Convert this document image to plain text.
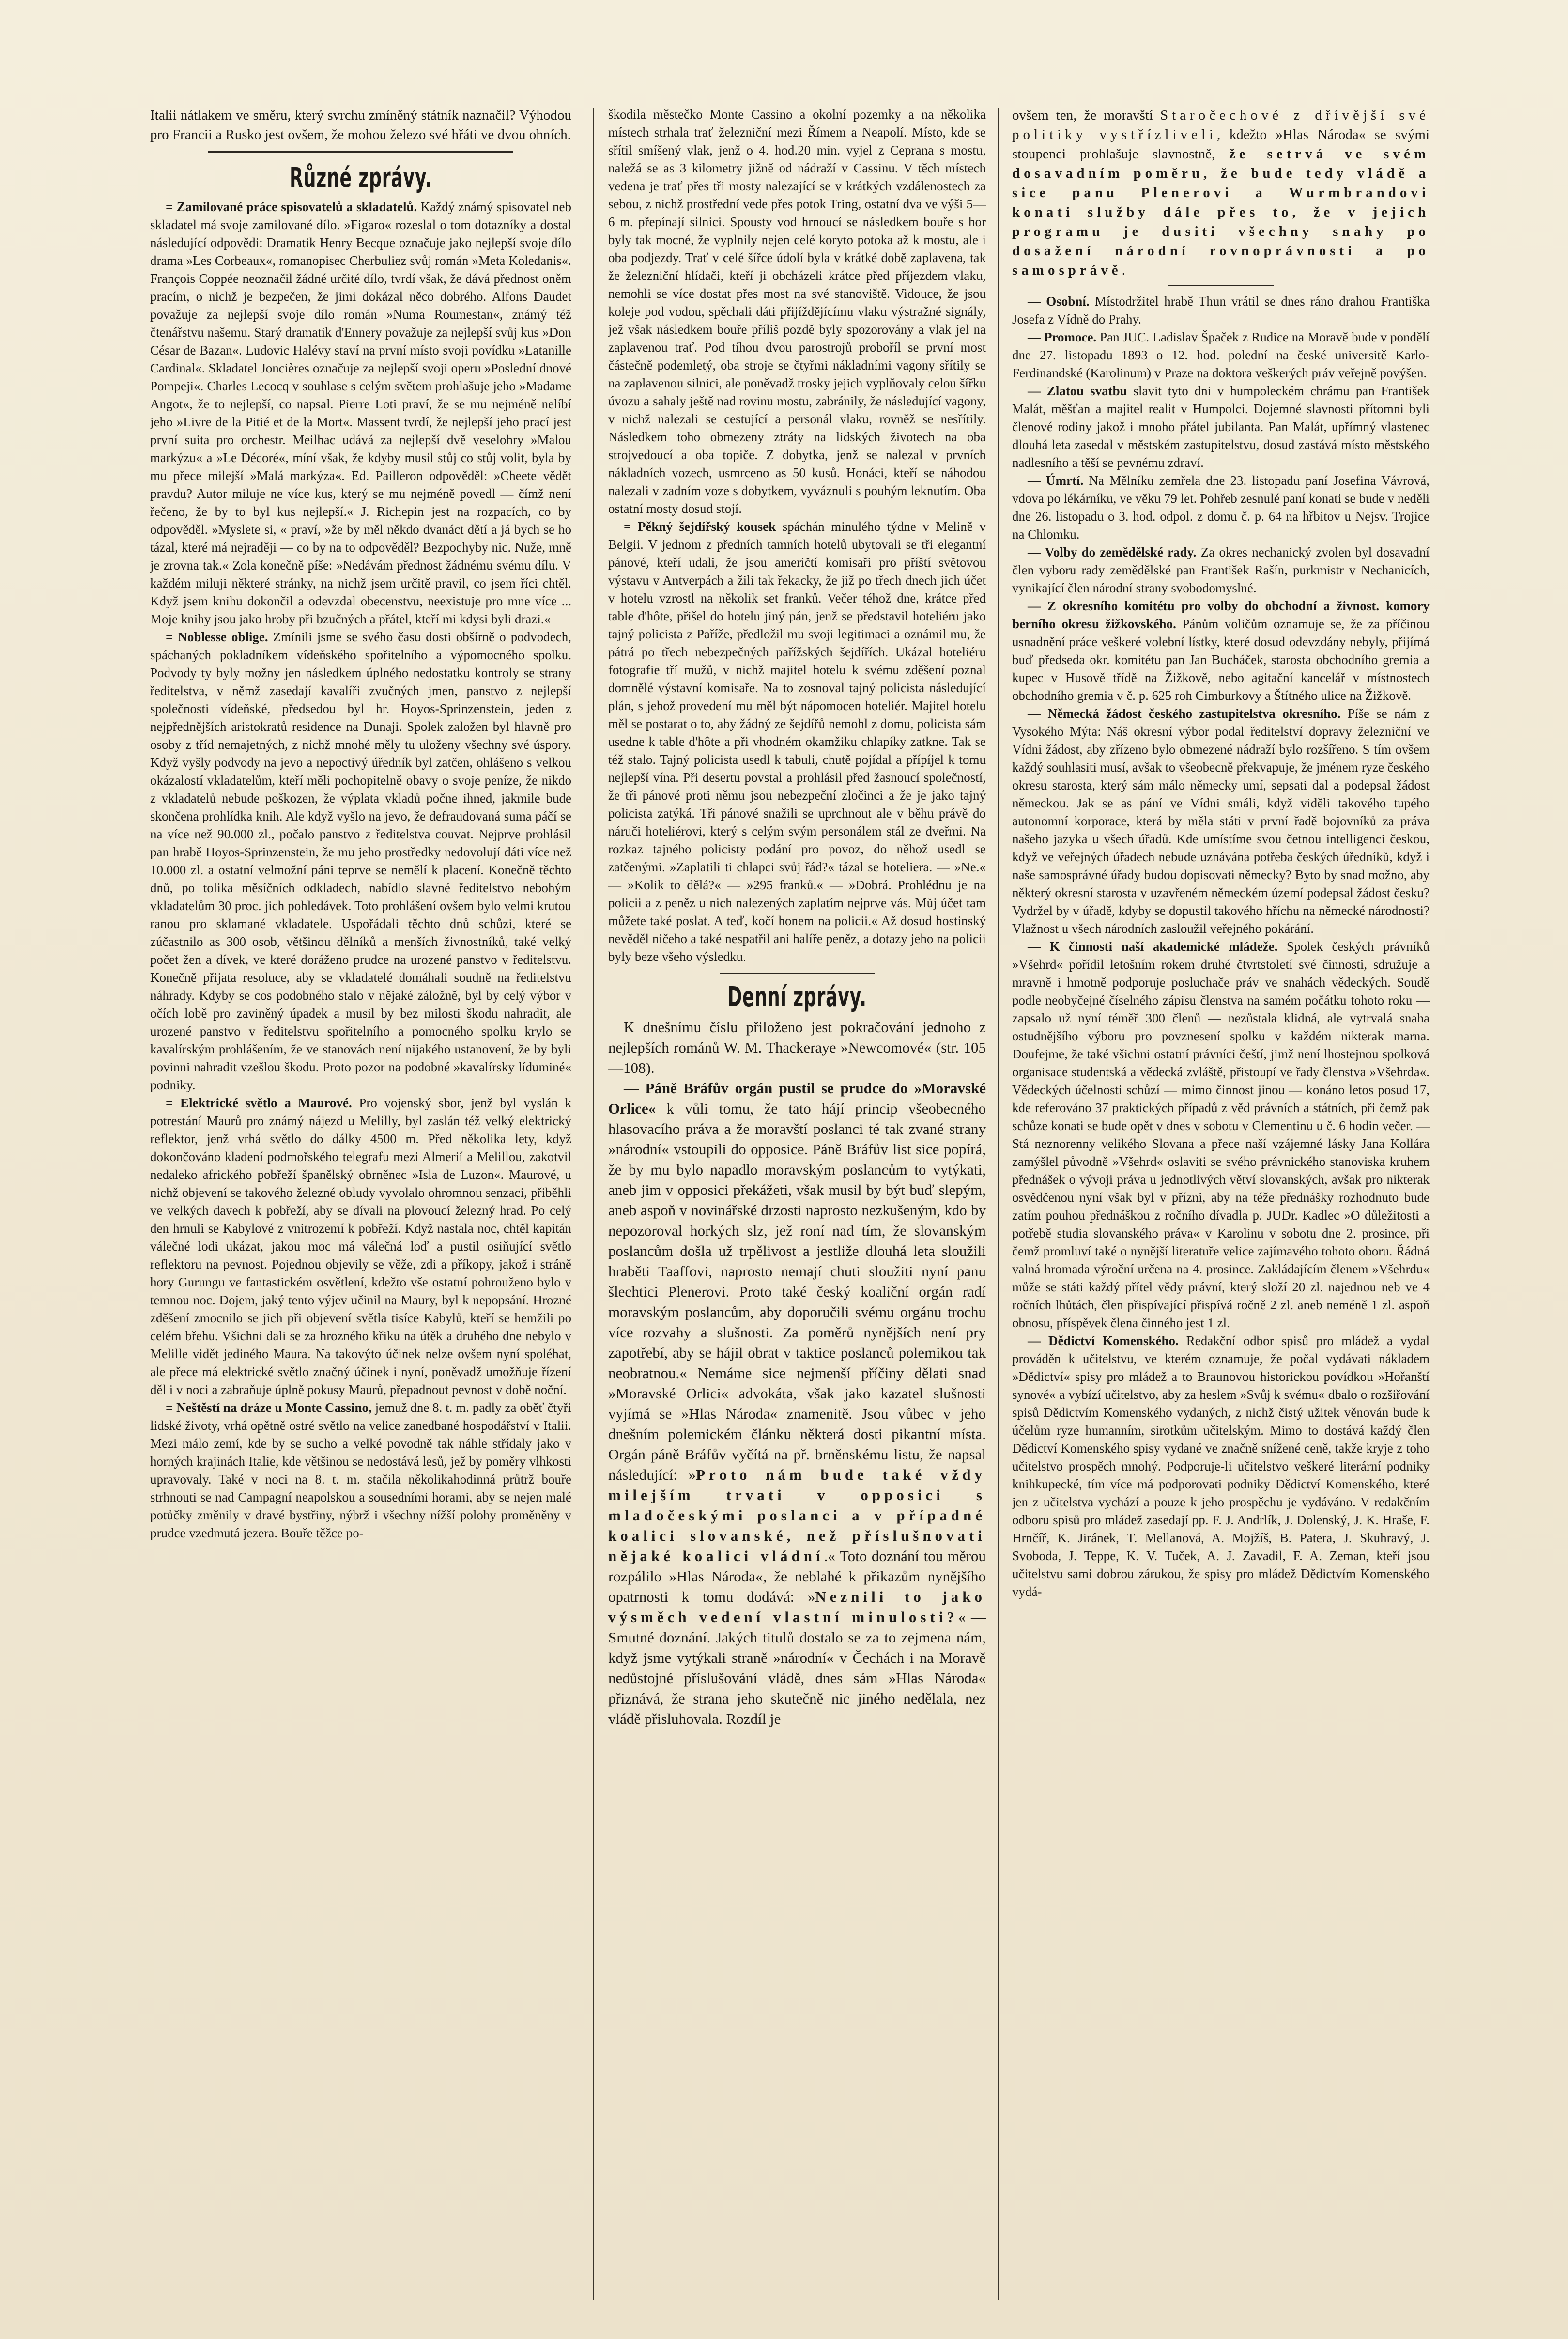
Italii nátlakem ve směru, který svrchu zmíněný státník naznačil? Výhodou pro Francii a Rusko jest ovšem, že mohou železo své hřáti ve dvou ohních.

Různé zprávy.

= Zamilované práce spisovatelů a skladatelů. Každý známý spisovatel neb skladatel má svoje zamilované dílo. »Figaro« rozeslal o tom dotazníky a dostal následující odpovědi: Dramatik Henry Becque označuje jako nejlepší svoje dílo drama »Les Corbeaux«, romanopisec Cherbuliez svůj román »Meta Koledanis«. François Coppée neoznačil žádné určité dílo, tvrdí však, že dává přednost oněm pracím, o nichž je bezpečen, že jimi dokázal něco dobrého. Alfons Daudet považuje za nejlepší svoje dílo román »Numa Roumestan«, známý též čtenářstvu našemu. Starý dramatik d'Ennery považuje za nejlepší svůj kus »Don César de Bazan«. Ludovic Halévy staví na první místo svoji povídku »Latanille Cardinal«. Skladatel Joncières označuje za nejlepší svoji operu »Poslední dnové Pompeji«. Charles Lecocq v souhlase s celým světem prohlašuje jeho »Madame Angot«, že to nejlepší, co napsal. Pierre Loti praví, že se mu nejméně nelíbí jeho »Livre de la Pitié et de la Mort«. Massent tvrdí, že nejlepší jeho prací jest první suita pro orchestr. Meilhac udává za nejlepší dvě veselohry »Malou markýzu« a »Le Décoré«, míní však, že kdyby musil stůj co stůj volit, byla by mu přece milejší »Malá markýza«. Ed. Pailleron odpověděl: »Cheete vědět pravdu? Autor miluje ne více kus, který se mu nejméně povedl — čímž není řečeno, že by to byl kus nejlepší.« J. Richepin jest na rozpacích, co by odpověděl. »Myslete si, « praví, »že by měl někdo dvanáct dětí a já bych se ho tázal, které má nejraději — co by na to odpověděl? Bezpochyby nic. Nuže, mně je zrovna tak.« Zola konečně píše: »Nedávám přednost žádnému svému dílu. V každém miluji některé stránky, na nichž jsem určitě pravil, co jsem říci chtěl. Když jsem knihu dokončil a odevzdal obecenstvu, neexistuje pro mne více ... Moje knihy jsou jako hroby při bzučných a přátel, kteří mi kdysi byli drazi.«

= Noblesse oblige. Zmínili jsme se svého času dosti obšírně o podvodech, spáchaných pokladníkem vídeňského spořitelního a výpomocného spolku. Podvody ty byly možny jen následkem úplného nedostatku kontroly se strany ředitelstva, v němž zasedají kavalíři zvučných jmen, panstvo z nejlepší společnosti vídeňské, předsedou byl hr. Hoyos-Sprinzenstein, jeden z nejpřednějších aristokratů residence na Dunaji. Spolek založen byl hlavně pro osoby z tříd nemajetných, z nichž mnohé měly tu uloženy všechny své úspory. Když vyšly podvody na jevo a nepoctivý úředník byl zatčen, ohlášeno s velkou okázalostí vkladatelům, kteří měli pochopitelně obavy o svoje peníze, že nikdo z vkladatelů nebude poškozen, že výplata vkladů počne ihned, jakmile bude skončena prohlídka knih. Ale když vyšlo na jevo, že defraudovaná suma páčí se na více než 90.000 zl., počalo panstvo z ředitelstva couvat. Nejprve prohlásil pan hrabě Hoyos-Sprinzenstein, že mu jeho prostředky nedovolují dáti více než 10.000 zl. a ostatní velmožní páni teprve se nemělí k placení. Konečně těchto dnů, po tolika měsíčních odkladech, nabídlo slavné ředitelstvo nebohým vkladatelům 30 proc. jich pohledávek. Toto prohlášení ovšem bylo velmi krutou ranou pro sklamané vkladatele. Uspořádali těchto dnů schůzi, které se zúčastnilo as 300 osob, většinou dělníků a menších živnostníků, také velký počet žen a dívek, ve které doráženo prudce na urozené panstvo v ředitelstvu. Konečně přijata resoluce, aby se vkladatelé domáhali soudně na ředitelstvu náhrady. Kdyby se cos podobného stalo v nějaké záložně, byl by celý výbor v očích lobě pro zaviněný úpadek a musil by bez milosti škodu nahradit, ale urozené panstvo v ředitelstvu spořitelního a pomocného spolku krylo se kavalírským prohlášením, že ve stanovách není nijakého ustanovení, že by byli povinni nahradit vzešlou škodu. Proto pozor na podobné »kavalírsky líduminé« podniky.

= Elektrické světlo a Maurové. Pro vojenský sbor, jenž byl vyslán k potrestání Maurů pro známý nájezd u Melilly, byl zaslán též velký elektrický reflektor, jenž vrhá světlo do dálky 4500 m. Před několika lety, když dokončováno kladení podmořského telegrafu mezi Almerií a Melillou, zakotvil nedaleko afrického pobřeží španělský obrněnec »Isla de Luzon«. Maurové, u nichž objevení se takového železné obludy vyvolalo ohromnou senzaci, přiběhli ve velkých davech k pobřeží, aby se dívali na plovoucí železný hrad. Po celý den hrnuli se Kabylové z vnitrozemí k pobřeží. Když nastala noc, chtěl kapitán válečné lodi ukázat, jakou moc má válečná loď a pustil osiňující světlo reflektoru na pevnost. Pojednou objevily se věže, zdi a příkopy, jakož i stráně hory Gurungu ve fantastickém osvětlení, kdežto vše ostatní pohrouženo bylo v temnou noc. Dojem, jaký tento výjev učinil na Maury, byl k nepopsání. Hrozné zděšení zmocnilo se jich při objevení světla tisíce Kabylů, kteří se hemžili po celém břehu. Všichni dali se za hrozného křiku na útěk a druhého dne nebylo v Melille vidět jediného Maura. Na takovýto účinek nelze ovšem nyní spoléhat, ale přece má elektrické světlo značný účinek i nyní, poněvadž umožňuje řízení děl i v noci a zabraňuje úplně pokusy Maurů, přepadnout pevnost v době noční.

= Neštěstí na dráze u Monte Cassino, jemuž dne 8. t. m. padly za oběť čtyři lidské životy, vrhá opětně ostré světlo na velice zanedbané hospodářství v Italii. Mezi málo zemí, kde by se sucho a velké povodně tak náhle střídaly jako v horných krajinách Italie, kde většinou se nedostává lesů, jež by poměry vlhkosti upravovaly. Také v noci na 8. t. m. stačila několikahodinná průtrž bouře strhnouti se nad Campagní neapolskou a sousedními horami, aby se nejen malé potůčky změnily v dravé bystřiny, nýbrž i všechny nížší polohy proměněny v prudce vzedmutá jezera. Bouře těžce po-

škodila městečko Monte Cassino a okolní pozemky a na několika místech strhala trať železniční mezi Římem a Neapolí. Místo, kde se sřítil smíšený vlak, jenž o 4. hod.20 min. vyjel z Ceprana s mostu, naležá se as 3 kilometry jižně od nádraží v Cassinu. V těch místech vedena je trať přes tři mosty nalezající se v krátkých vzdálenostech za sebou, z nichž prostřední vede přes potok Tring, ostatní dva ve výši 5—6 m. přepínají silnici. Spousty vod hrnoucí se následkem bouře s hor byly tak mocné, že vyplnily nejen celé koryto potoka až k mostu, ale i oba podjezdy. Trať v celé šířce údolí byla v krátké době zaplavena, tak že železniční hlídači, kteří ji obcházeli krátce před příjezdem vlaku, nemohli se více dostat přes most na své stanoviště. Vidouce, že jsou koleje pod vodou, spěchali dáti přijíždějícímu vlaku výstražné signály, jež však následkem bouře příliš pozdě byly spozorovány a vlak jel na zaplavenou trať. Pod tíhou dvou parostrojů proboříl se první most částečně podemletý, oba stroje se čtyřmi nákladními vagony sřítily se na zaplavenou silnici, ale poněvadž trosky jejich vyplňovaly celou šířku úvozu a sahaly ještě nad rovinu mostu, zabránily, že následující vagony, v nichž nalezali se cestující a personál vlaku, rovněž se nesřítily. Následkem toho obmezeny ztráty na lidských životech na oba strojvedoucí a oba topiče. Z dobytka, jenž se nalezal v prvních nákladních vozech, usmrceno as 50 kusů. Honáci, kteří se náhodou nalezali v zadním voze s dobytkem, vyváznuli s pouhým leknutím. Oba ostatní mosty dosud stojí.

= Pěkný šejdířský kousek spáchán minulého týdne v Melině v Belgii. V jednom z předních tamních hotelů ubytovali se tři elegantní pánové, kteří udali, že jsou američtí komisaři pro příští světovou výstavu v Antverpách a žili tak řekacky, že již po třech dnech jich účet v hotelu vzrostl na několik set franků. Večer téhož dne, krátce před table d'hôte, přišel do hotelu jiný pán, jenž se představil hoteliéru jako tajný policista z Paříže, předložil mu svoji legitimaci a oznámil mu, že pátrá po třech nebezpečných pařížských šejdířích. Ukázal hoteliéru fotografie tří mužů, v nichž majitel hotelu k svému zděšení poznal domnělé výstavní komisaře. Na to zosnoval tajný policista následující plán, s jehož provedení mu měl být nápomocen hoteliér. Majitel hotelu měl se postarat o to, aby žádný ze šejdířů nemohl z domu, policista sám usedne k table d'hôte a při vhodném okamžiku chlapíky zatkne. Tak se též stalo. Tajný policista usedl k tabuli, chutě pojídal a přípíjel k tomu nejlepší vína. Při desertu povstal a prohlásil před žasnoucí společností, že tři pánové proti němu jsou nebezpeční zločinci a že je jako tajný policista zatýká. Tři pánové snažili se uprchnout ale v běhu právě do náruči hoteliérovi, který s celým svým personálem stál ze dveřmi. Na rozkaz tajného policisty podání pro povoz, do něhož usedl se zatčenými. »Zaplatili ti chlapci svůj řád?« tázal se hoteliera. — »Ne.« — »Kolik to dělá?« — »295 franků.« — »Dobrá. Prohlédnu je na policii a z peněz u nich nalezených zaplatím nejprve vás. Můj účet tam můžete také poslat. A teď, kočí honem na policii.« Až dosud hostinský nevěděl ničeho a také nespatřil ani halíře peněz, a dotazy jeho na policii byly beze všeho výsledku.

Denní zprávy.

K dnešnímu číslu přiloženo jest pokračování jednoho z nejlepších románů W. M. Thackeraye »Newcomové« (str. 105—108).

— Páně Bráfův orgán pustil se prudce do »Moravské Orlice« k vůli tomu, že tato hájí princip všeobecného hlasovacího práva a že moravští poslanci té tak zvané strany »národní« vstoupili do opposice. Páně Bráfův list sice popírá, že by mu bylo napadlo moravským poslancům to vytýkati, aneb jim v opposici překážeti, však musil by být buď slepým, aneb aspoň v novinářské drzosti naprosto nezkušeným, kdo by nepozoroval horkých slz, jež roní nad tím, že slovanským poslancům došla už trpělivost a jestliže dlouhá leta sloužili hraběti Taaffovi, naprosto nemají chuti sloužiti nyní panu šlechtici Plenerovi. Proto také český koaliční orgán radí moravským poslancům, aby doporučili svému orgánu trochu více rozvahy a slušnosti. Za poměrů nynějších není pry zapotřebí, aby se hájil obrat v taktice poslanců polemikou tak neobratnou.« Nemáme sice nejmenší příčiny dělati snad »Moravské Orlici« advokáta, však jako kazatel slušnosti vyjímá se »Hlas Národa« znamenitě. Jsou vůbec v jeho dnešním polemickém článku některá dosti pikantní místa. Orgán páně Bráfův vyčítá na př. brněnskému listu, že napsal následující: »Proto nám bude také vždy milejším trvati v opposici s mladočeskými poslanci a v případné koalici slovanské, než příslušnovati nějaké koalici vládní.« Toto doznání tou měrou rozpálilo »Hlas Národa«, že neblahé k přikazům nynějšího opatrnosti k tomu dodává: »Neznili to jako výsměch vedení vlastní minulosti?« — Smutné doznání. Jakých titulů dostalo se za to zejmena nám, když jsme vytýkali straně »národní« v Čechách i na Moravě nedůstojné příslušování vládě, dnes sám »Hlas Národa« přiznává, že strana jeho skutečně nic jiného nedělala, nez vládě přisluhovala. Rozdíl je

ovšem ten, že moravští Staročechové z dřívější své politiky vystřízliveli, kdežto »Hlas Národa« se svými stoupenci prohlašuje slavnostně, že setrvá ve svém dosavadním poměru, že bude tedy vládě a sice panu Plenerovi a Wurmbrandovi konati služby dále přes to, že v jejich programu je dusiti všechny snahy po dosažení národní rovnoprávnosti a po samosprávě.

— Osobní. Místodržitel hrabě Thun vrátil se dnes ráno drahou Františka Josefa z Vídně do Prahy.

— Promoce. Pan JUC. Ladislav Špaček z Rudice na Moravě bude v pondělí dne 27. listopadu 1893 o 12. hod. polední na české universitě Karlo-Ferdinandské (Karolinum) v Praze na doktora veškerých práv veřejně povýšen.

— Zlatou svatbu slavit tyto dni v humpoleckém chrámu pan František Malát, měšťan a majitel realit v Humpolci. Dojemné slavnosti přítomni byli členové rodiny jakož i mnoho přátel jubilanta. Pan Malát, upřímný vlastenec dlouhá leta zasedal v městském zastupitelstvu, dosud zastává místo městského nadlesního a těší se pevnému zdraví.

— Úmrtí. Na Mělníku zemřela dne 23. listopadu paní Josefina Vávrová, vdova po lékárníku, ve věku 79 let. Pohřeb zesnulé paní konati se bude v neděli dne 26. listopadu o 3. hod. odpol. z domu č. p. 64 na hřbitov u Nejsv. Trojice na Chlomku.

— Volby do zemědělské rady. Za okres nechanický zvolen byl dosavadní člen vyboru rady zemědělské pan František Rašín, purkmistr v Nechanicích, vynikající člen národní strany svobodomyslné.

— Z okresního komitétu pro volby do obchodní a živnost. komory berního okresu žižkovského. Pánům voličům oznamuje se, že za příčinou usnadnění práce veškeré volební lístky, které dosud odevzdány nebyly, přijímá buď předseda okr. komitétu pan Jan Bucháček, starosta obchodního gremia a kupec v Husově třídě na Žižkově, nebo agitační kancelář v místnostech obchodního gremia v č. p. 625 roh Cimburkovy a Štítného ulice na Žižkově.

— Německá žádost českého zastupitelstva okresního. Píše se nám z Vysokého Mýta: Náš okresní výbor podal ředitelství dopravy železniční ve Vídni žádost, aby zřízeno bylo obmezené nádraží bylo rozšířeno. S tím ovšem každý souhlasiti musí, avšak to všeobecně překvapuje, že jménem ryze českého okresu starosta, který sám málo německy umí, sepsati dal a podepsal žádost německou. Jak se as pání ve Vídni smáli, když viděli takového tupého autonomní korporace, která by měla státi v první řadě bojovníků za práva našeho jazyka u všech úřadů. Kde umístíme svou četnou intelligenci českou, když ve veřejných úřadech nebude uznávána potřeba českých úředníků, když i naše samosprávné úřady budou dopisovati německy? Byto by snad možno, aby některý okresní starosta v uzavřeném německém území podepsal žádost česku? Vydržel by v úřadě, kdyby se dopustil takového hříchu na německé národnosti? Vlažnost u všech národních zasloužil veřejného pokárání.

— K činnosti naší akademické mládeže. Spolek českých právníků »Všehrd« pořídil letošním rokem druhé čtvrtstoletí své činnosti, sdružuje a mravně i hmotně podporuje posluchače práv ve snahách vědeckých. Soudě podle neobyčejné číselného zápisu členstva na samém počátku tohoto roku — zapsalo už nyní téměř 300 členů — nezůstala klidná, ale vytrvalá snaha ostudnějšího výboru pro povznesení spolku v každém nikterak marna. Doufejme, že také všichni ostatní právníci čeští, jimž není lhostejnou spolková organisace studentská a vědecká zvláště, přistoupí ve řady členstva »Všehrda«. Vědeckých účelnosti schůzí — mimo činnost jinou — konáno letos posud 17, kde referováno 37 praktických případů z věd právních a státních, při čemž pak schůze konati se bude opět v dnes v sobotu v Clementinu u č. 6 hodin večer. — Stá neznorenny velikého Slovana a přece naší vzájemné lásky Jana Kollára zamýšlel původně »Všehrd« oslaviti se svého právnického stanoviska kruhem přednášek o vývoji práva u jednotlivých větví slovanských, avšak pro nikterak osvědčenou nyní však byl v přízni, aby na téže přednášky rozhodnuto bude zatím pouhou přednáškou z ročního dívadla p. JUDr. Kadlec »O důležitosti a potřebě studia slovanského práva« v Karolinu v sobotu dne 2. prosince, při čemž promluví také o nynější literatuře velice zajímavého tohoto oboru. Řádná valná hromada výroční určena na 4. prosince. Zakládajícím členem »Všehrdu« může se státi každý přítel vědy právní, který složí 20 zl. najednou neb ve 4 ročních lhůtách, člen přispívající přispívá ročně 2 zl. aneb neméně 1 zl. aspoň obnosu, příspěvek člena činného jest 1 zl.

— Dědictví Komenského. Redakční odbor spisů pro mládež a vydal prováděn k učitelstvu, ve kterém oznamuje, že počal vydávati nákladem »Dědictví« spisy pro mládež a to Braunovou historickou povídkou »Hořanští synové« a vybízí učitelstvo, aby za heslem »Svůj k svému« dbalo o rozšiřování spisů Dědictvím Komenského vydaných, z nichž čistý užitek věnován bude k účelům ryze humanním, sirotkům učitelským. Mimo to dostává každý člen Dědictví Komenského spisy vydané ve značně snížené ceně, takže kryje z toho učitelstvo prospěch mnohý. Podporuje-li učitelstvo veškeré literární podniky knihkupecké, tím více má podporovati podniky Dědictví Komenského, které jen z učitelstva vychází a pouze k jeho prospěchu je vydáváno. V redakčním odboru spisů pro mládež zasedají pp. F. J. Andrlík, J. Dolenský, J. K. Hraše, F. Hrnčíř, K. Jiránek, T. Mellanová, A. Mojžíš, B. Patera, J. Skuhravý, J. Svoboda, J. Teppe, K. V. Tuček, A. J. Zavadil, F. A. Zeman, kteří jsou učitelstvu sami dobrou zárukou, že spisy pro mládež Dědictvím Komenského vydá-
